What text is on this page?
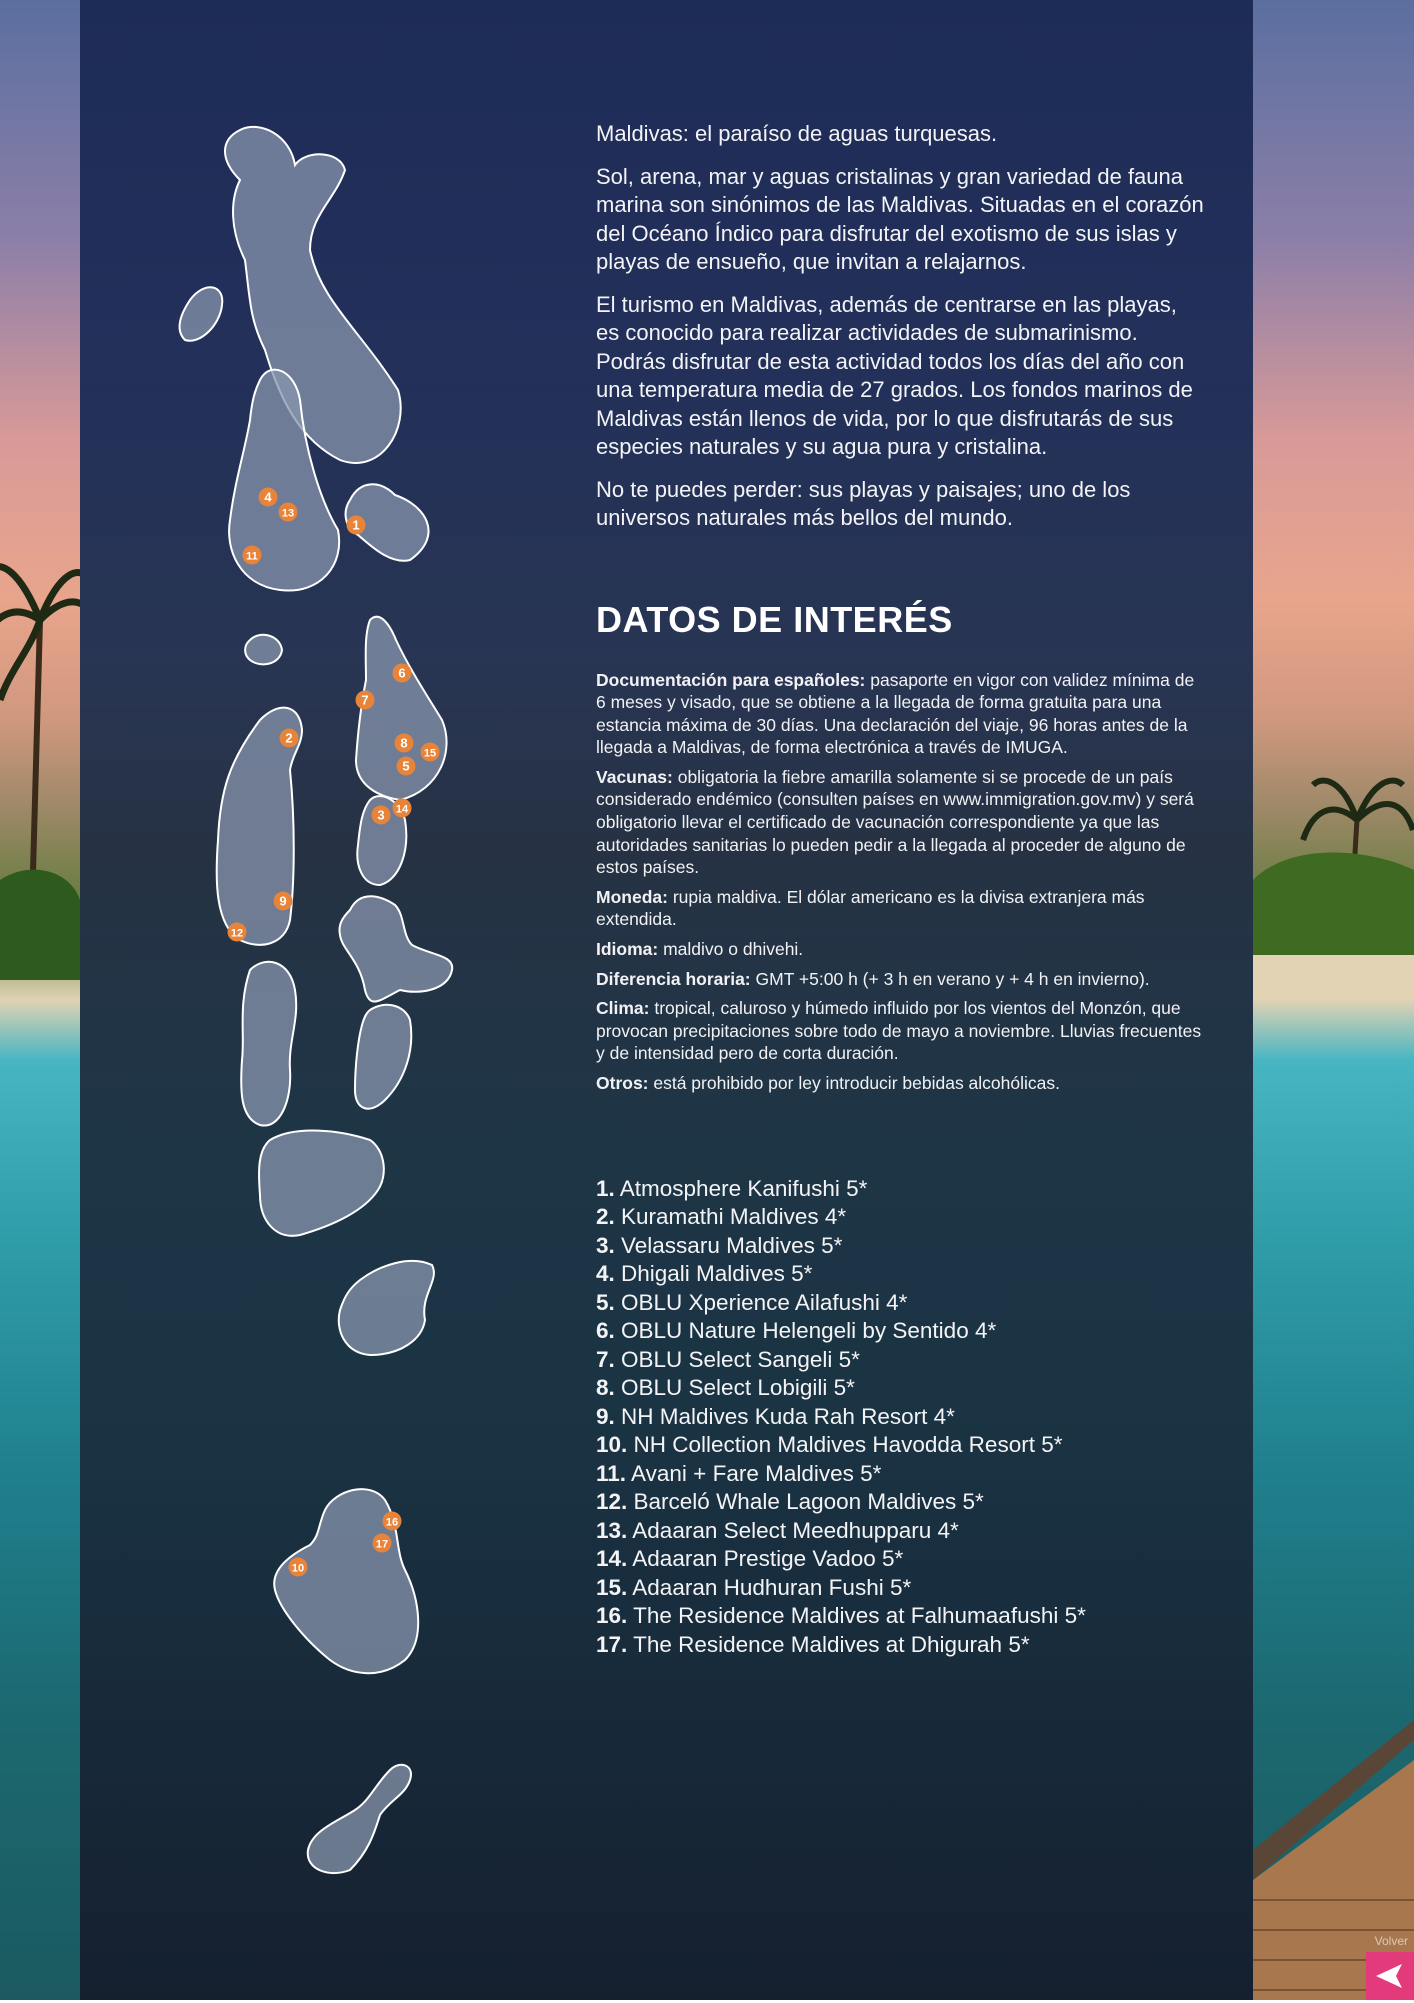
1
2
3
4
5
6
7
8
9
10
11
12
13
14
15
16
17

Maldivas: el paraíso de aguas turquesas.

Sol, arena, mar y aguas cristalinas y gran variedad de fauna marina son sinónimos de las Maldivas. Situadas en el corazón del Océano Índico para disfrutar del exotismo de sus islas y playas de ensueño, que invitan a relajarnos.

El turismo en Maldivas, además de centrarse en las playas, es conocido para realizar actividades de submarinismo. Podrás disfrutar de esta actividad todos los días del año con una temperatura media de 27 grados. Los fondos marinos de Maldivas están llenos de vida, por lo que disfrutarás de sus especies naturales y su agua pura y cristalina.

No te puedes perder: sus playas y paisajes; uno de los universos naturales más bellos del mundo.

DATOS DE INTERÉS

Documentación para españoles: pasaporte en vigor con validez mínima de 6 meses y visado, que se obtiene a la llegada de forma gratuita para una estancia máxima de 30 días. Una declaración del viaje, 96 horas antes de la llegada a Maldivas, de forma electrónica a través de IMUGA.

Vacunas: obligatoria la fiebre amarilla solamente si se procede de un país considerado endémico (consulten países en www.immigration.gov.mv) y será obligatorio llevar el certificado de vacunación correspondiente ya que las autoridades sanitarias lo pueden pedir a la llegada al proceder de alguno de estos países.

Moneda: rupia maldiva. El dólar americano es la divisa extranjera más extendida.

Idioma: maldivo o dhivehi.

Diferencia horaria: GMT +5:00 h (+ 3 h en verano y + 4 h en invierno).

Clima: tropical, caluroso y húmedo influido por los vientos del Monzón, que provocan precipitaciones sobre todo de mayo a noviembre. Lluvias frecuentes y de intensidad pero de corta duración.

Otros: está prohibido por ley introducir bebidas alcohólicas.

1. Atmosphere Kanifushi 5*
2. Kuramathi Maldives 4*
3. Velassaru Maldives 5*
4. Dhigali Maldives 5*
5. OBLU Xperience Ailafushi 4*
6. OBLU Nature Helengeli by Sentido 4*
7. OBLU Select Sangeli 5*
8. OBLU Select Lobigili 5*
9. NH Maldives Kuda Rah Resort 4*
10. NH Collection Maldives Havodda Resort 5*
11. Avani + Fare Maldives 5*
12. Barceló Whale Lagoon Maldives 5*
13. Adaaran Select Meedhupparu 4*
14. Adaaran Prestige Vadoo 5*
15. Adaaran Hudhuran Fushi 5*
16. The Residence Maldives at Falhumaafushi 5*
17. The Residence Maldives at Dhigurah 5*
Volver
